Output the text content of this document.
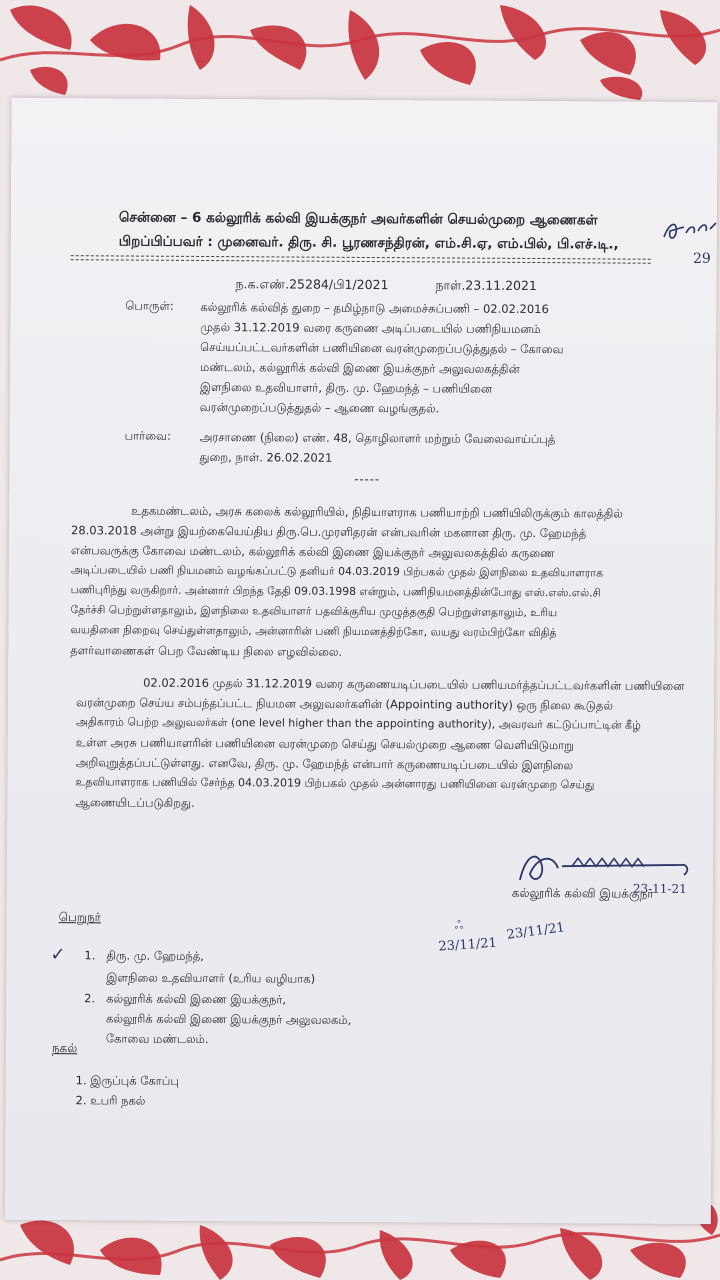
சென்னை – 6 கல்லூரிக் கல்வி இயக்குநர் அவர்களின் செயல்முறை ஆணைகள்
பிறப்பிப்பவர் : முனைவர். திரு. சி. பூரணசந்திரன், எம்.சி.ஏ, எம்.பில், பி.எச்.டி.,
ந.க.எண்.25284/பி1/2021	நாள்.23.11.2021
பொருள்: கல்லூரிக் கல்வித் துறை – தமிழ்நாடு அமைச்சுப்பணி – 02.02.2016
முதல் 31.12.2019 வரை கருணை அடிப்படையில் பணிநியமனம்
செய்யப்பட்டவர்களின் பணியினை வரன்முறைப்படுத்துதல் – கோவை
மண்டலம், கல்லூரிக் கல்வி இணை இயக்குநர் அலுவலகத்தின்
இளநிலை உதவியாளர், திரு. மு. ஹேமந்த் – பணியினை
வரன்முறைப்படுத்துதல் – ஆணை வழங்குதல்.
பார்வை: அரசாணை (நிலை) எண். 48, தொழிலாளர் மற்றும் வேலைவாய்ப்புத்
துறை, நாள். 26.02.2021
-----
உதகமண்டலம், அரசு கலைக் கல்லூரியில், நிதியாளராக பணியாற்றி பணியிலிருக்கும் காலத்தில்
28.03.2018 அன்று இயற்கையெய்திய திரு.பெ.முரளிதரன் என்பவரின் மகனான திரு. மு. ஹேமந்த்
என்பவருக்கு கோவை மண்டலம், கல்லூரிக் கல்வி இணை இயக்குநர் அலுவலகத்தில் கருணை
அடிப்படையில் பணி நியமனம் வழங்கப்பட்டு தனியர் 04.03.2019 பிற்பகல் முதல் இளநிலை உதவியாளராக
பணிபுரிந்து வருகிறார். அன்னார் பிறந்த தேதி 09.03.1998 என்றும், பணிநியமனத்தின்போது எஸ்.எஸ்.எல்.சி
தேர்ச்சி பெற்றுள்ளதாலும், இளநிலை உதவியாளர் பதவிக்குரிய முழுத்தகுதி பெற்றுள்ளதாலும், உரிய
வயதினை நிறைவு செய்துள்ளதாலும், அன்னாரின் பணி நியமனத்திற்கோ, வயது வரம்பிற்கோ விதித்
தளர்வாணைகள் பெற வேண்டிய நிலை எழவில்லை.
02.02.2016 முதல் 31.12.2019 வரை கருணையடிப்படையில் பணியமர்த்தப்பட்டவர்களின் பணியினை
வரன்முறை செய்ய சம்பந்தப்பட்ட நியமன அலுவலர்களின் (Appointing authority) ஒரு நிலை கூடுதல்
அதிகாரம் பெற்ற அலுவலர்கள் (one level higher than the appointing authority), அவரவர் கட்டுப்பாட்டின் கீழ்
உள்ள அரசு பணியாளரின் பணியினை வரன்முறை செய்து செயல்முறை ஆணை வெளியிடுமாறு
அறிவுறுத்தப்பட்டுள்ளது. எனவே, திரு. மு. ஹேமந்த் என்பார் கருணையடிப்படையில் இளநிலை
உதவியாளராக பணியில் சேர்ந்த 04.03.2019 பிற்பகல் முதல் அன்னாரது பணியினை வரன்முறை செய்து
ஆணையிடப்படுகிறது.
கல்லூரிக் கல்வி இயக்குநர்
23-11-21
23/11/21
23/11/21
ஃ
பெறுநர்
✓ 1. திரு. மு. ஹேமந்த்,
இளநிலை உதவியாளர் (உரிய வழியாக)
2. கல்லூரிக் கல்வி இணை இயக்குநர்,
கல்லூரிக் கல்வி இணை இயக்குநர் அலுவலகம்,
கோவை மண்டலம்.
நகல்
1. இருப்புக் கோப்பு
2. உபரி நகல்
29
